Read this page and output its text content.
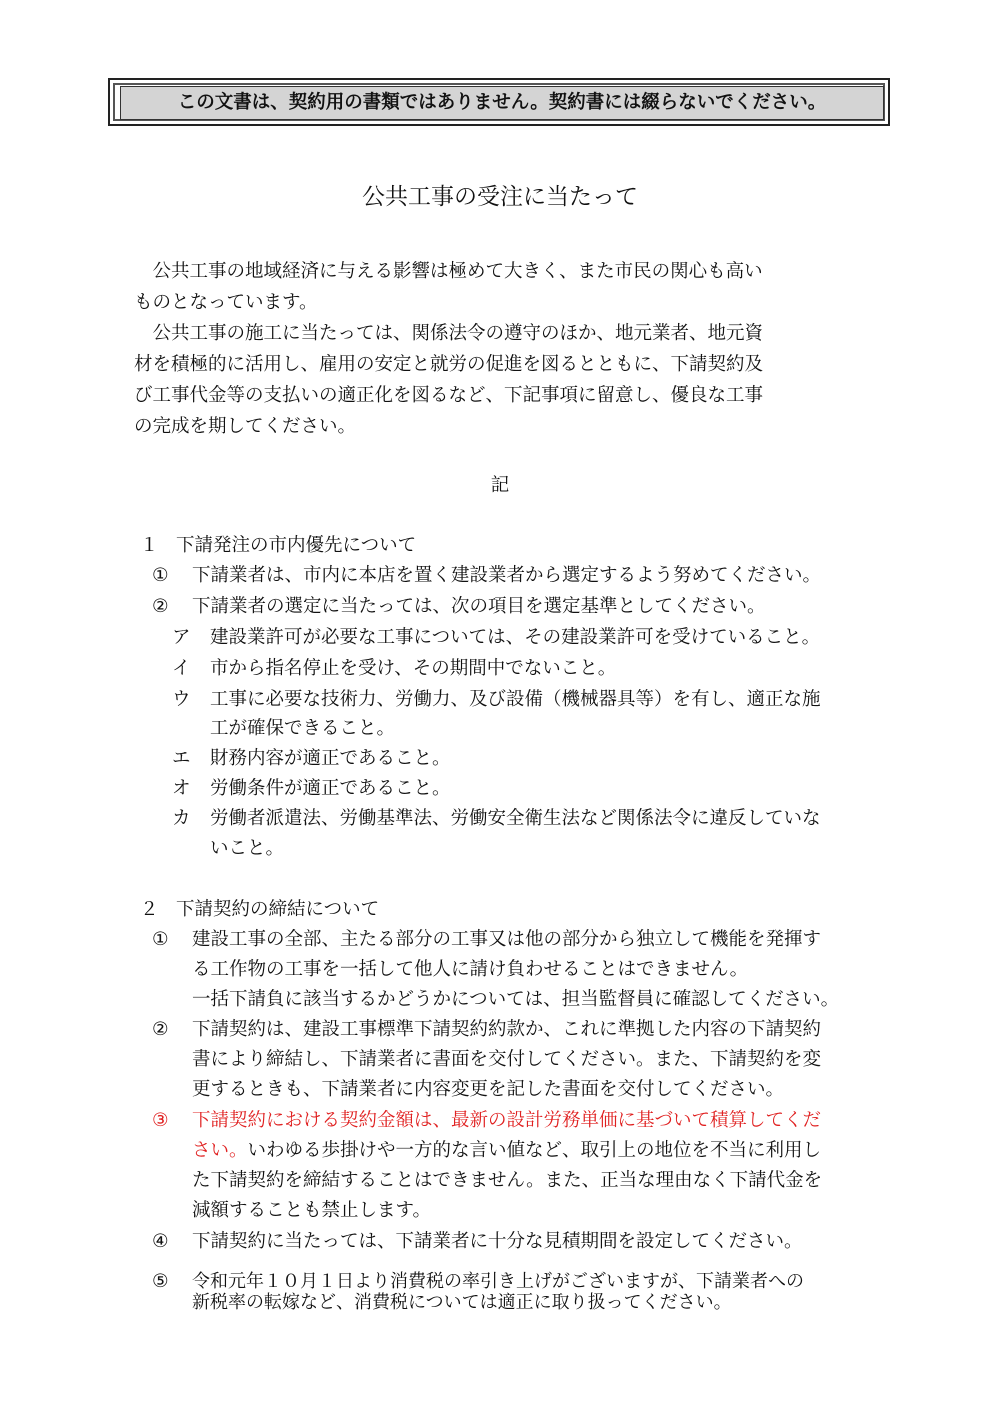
この文書は、契約用の書類ではありません。契約書には綴らないでください。
公共工事の受注に当たって
　公共工事の地域経済に与える影響は極めて大きく、また市民の関心も高い
ものとなっています。
　公共工事の施工に当たっては、関係法令の遵守のほか、地元業者、地元資
材を積極的に活用し、雇用の安定と就労の促進を図るとともに、下請契約及
び工事代金等の支払いの適正化を図るなど、下記事項に留意し、優良な工事
の完成を期してください。
記
１ 下請発注の市内優先について
① 下請業者は、市内に本店を置く建設業者から選定するよう努めてください。
② 下請業者の選定に当たっては、次の項目を選定基準としてください。
ア 建設業許可が必要な工事については、その建設業許可を受けていること。
イ 市から指名停止を受け、その期間中でないこと。
ウ 工事に必要な技術力、労働力、及び設備（機械器具等）を有し、適正な施
工が確保できること。
エ 財務内容が適正であること。
オ 労働条件が適正であること。
カ 労働者派遣法、労働基準法、労働安全衛生法など関係法令に違反していな
いこと。
２ 下請契約の締結について
① 建設工事の全部、主たる部分の工事又は他の部分から独立して機能を発揮す
る工作物の工事を一括して他人に請け負わせることはできません。
一括下請負に該当するかどうかについては、担当監督員に確認してください。
② 下請契約は、建設工事標準下請契約約款か、これに準拠した内容の下請契約
書により締結し、下請業者に書面を交付してください。また、下請契約を変
更するときも、下請業者に内容変更を記した書面を交付してください。
③ 下請契約における契約金額は、最新の設計労務単価に基づいて積算してくだ
さい。いわゆる歩掛けや一方的な言い値など、取引上の地位を不当に利用し
た下請契約を締結することはできません。また、正当な理由なく下請代金を
減額することも禁止します。
④ 下請契約に当たっては、下請業者に十分な見積期間を設定してください。
⑤ 令和元年１０月１日より消費税の率引き上げがございますが、下請業者への
新税率の転嫁など、消費税については適正に取り扱ってください。
